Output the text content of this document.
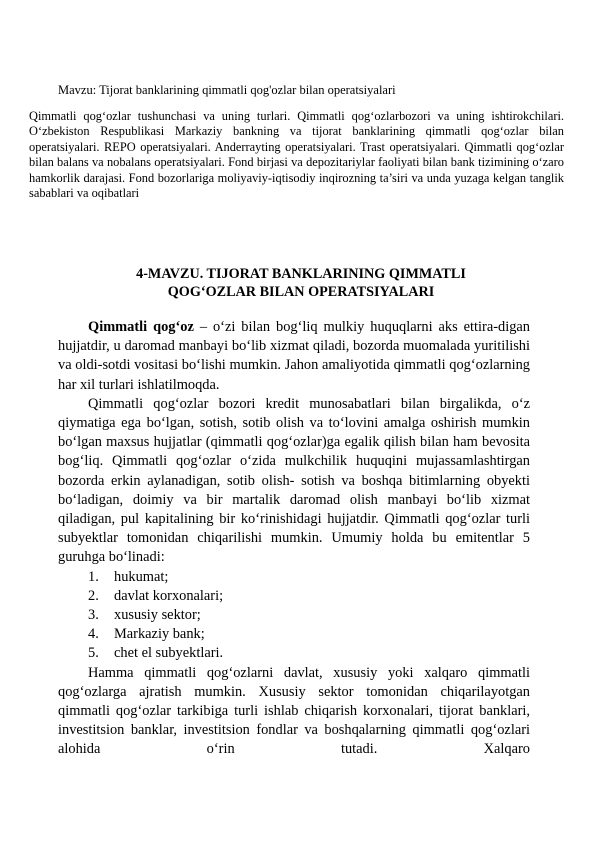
Mavzu: Tijorat banklarining qimmatli qog'ozlar bilan operatsiyalari
Qimmatli qog‘ozlar tushunchasi va uning turlari. Qimmatli qog‘ozlarbozori va uning ishtirokchilari. O‘zbekiston Respublikasi Markaziy bankning va tijorat banklarining qimmatli qog‘ozlar bilan operatsiyalari. REPO operatsiyalari. Anderrayting operatsiyalari. Trast operatsiyalari. Qimmatli qog‘ozlar bilan balans va nobalans operatsiyalari. Fond birjasi va depozitariylar faoliyati bilan bank tizimining o‘zaro hamkorlik darajasi. Fond bozorlariga moliyaviy-iqtisodiy inqirozning ta’siri va unda yuzaga kelgan tanglik sabablari va oqibatlari
4-MAVZU. TIJORAT BANKLARINING QIMMATLI
QOG‘OZLAR BILAN OPERATSIYALARI

Qimmatli qog‘oz – o‘zi bilan bog‘liq mulkiy huquqlarni aks ettira-digan hujjatdir, u daromad manbayi bo‘lib xizmat qiladi, bozorda muomalada yuritilishi va oldi-sotdi vositasi bo‘lishi mumkin. Jahon amaliyotida qimmatli qog‘ozlarning har xil turlari ishlatilmoqda.

Qimmatli qog‘ozlar bozori kredit munosabatlari bilan birgalikda, o‘z qiymatiga ega bo‘lgan, sotish, sotib olish va to‘lovini amalga oshirish mumkin bo‘lgan maxsus hujjatlar (qimmatli qog‘ozlar)ga egalik qilish bilan ham bevosita bog‘liq. Qimmatli qog‘ozlar o‘zida mulkchilik huquqini mujassamlashtirgan bozorda erkin aylanadigan, sotib olish- sotish va boshqa bitimlarning obyekti bo‘ladigan, doimiy va bir martalik daromad olish manbayi bo‘lib xizmat qiladigan, pul kapitalining bir ko‘rinishidagi hujjatdir. Qimmatli qog‘ozlar turli subyektlar tomonidan chiqarilishi mumkin. Umumiy holda bu emitentlar 5 guruhga bo‘linadi:

1.	hukumat;
2.	davlat korxonalari;
3.	xususiy sektor;
4.	Markaziy bank;
5.	chet el subyektlari.

Hamma qimmatli qog‘ozlarni davlat, xususiy yoki xalqaro qimmatli qog‘ozlarga ajratish mumkin. Xususiy sektor tomonidan chiqarilayotgan qimmatli qog‘ozlar tarkibiga turli ishlab chiqarish korxonalari, tijorat banklari, investitsion banklar, investitsion fondlar va boshqalarning qimmatli qog‘ozlari alohida o‘rin tutadi. Xalqaro
